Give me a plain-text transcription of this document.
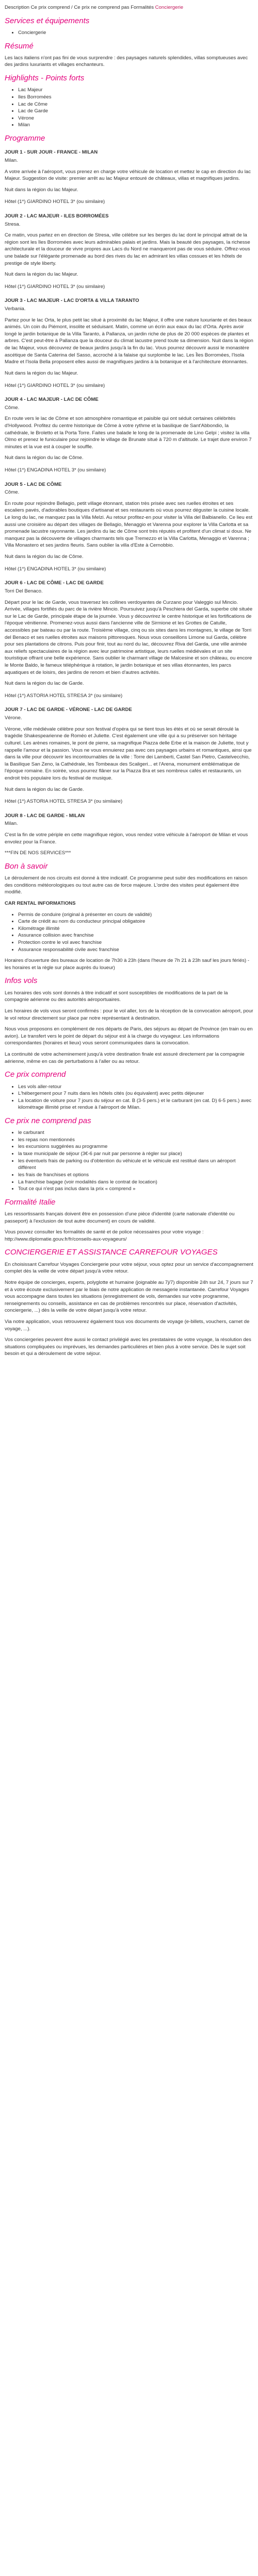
Description Ce prix comprend / Ce prix ne comprend pas Formalités Conciergerie
Services et équipements
• Conciergerie
Résumé

Les lacs italiens n'ont pas fini de vous surprendre : des paysages naturels splendides, villas somptueuses avec des jardins luxuriants et villages enchanteurs.

Highlights - Points forts
• Lac Majeur
• Iles Borromées
• Lac de Côme
• Lac de Garde
• Vérone
• Milan
Programme
JOUR 1 - SUR JOUR - FRANCE - MILAN
Milan.

A votre arrivée à l'aéroport, vous prenez en charge votre véhicule de location et mettez le cap en direction du lac Majeur. Suggestion de visite: premier arrêt au lac Majeur entouré de châteaux, villas et magnifiques jardins.

Nuit dans la région du lac Majeur.

Hôtel (1*) GIARDINO HOTEL 3* (ou similaire)
JOUR 2 - LAC MAJEUR - ILES BORROMÉES
Stresa.

Ce matin, vous partez en en direction de Stresa, ville célèbre sur les berges du lac dont le principal attrait de la région sont les îles Borromées avec leurs admirables palais et jardins. Mais la beauté des paysages, la richesse architecturale et la douceur de vivre propres aux Lacs du Nord ne manqueront pas de vous séduire. Offrez-vous une balade sur l'élégante promenade au bord des rives du lac en admirant les villas cossues et les hôtels de prestige de style liberty.

Nuit dans la région du lac Majeur.

Hôtel (1*) GIARDINO HOTEL 3* (ou similaire)
JOUR 3 - LAC MAJEUR - LAC D'ORTA & VILLA TARANTO
Verbania.

Partez pour le lac Orta, le plus petit lac situé à proximité du lac Majeur, il offre une nature luxuriante et des beaux animés. Un coin du Piémont, insolite et séduisant. Matin, comme un écrin aux eaux du lac d'Orta. Après avoir longé le jardin botanique de la Villa Taranto, à Pallanza, un jardin riche de plus de 20 000 espèces de plantes et arbres. C'est peut-être à Pallanza que la douceur du climat lacustre prend toute sa dimension. Nuit dans la région de lac Majeur, vous découvrez de beaux jardins jusqu'à la fin du lac. Vous pourrez découvrir aussi le monastère ascétique de Santa Caterina del Sasso, accroché à la falaise qui surplombe le lac. Les Îles Borromées, l'Isola Madre et l'Isola Bella proposent elles aussi de magnifiques jardins à la botanique et à l'architecture étonnantes.

Nuit dans la région du lac Majeur.

Hôtel (1*) GIARDINO HOTEL 3* (ou similaire)
JOUR 4 - LAC MAJEUR - LAC DE CÔME
Côme.

En route vers le lac de Côme et son atmosphère romantique et paisible qui ont séduit certaines célébrités d'Hollywood. Profitez du centre historique de Côme à votre rythme et la basilique de Sant'Abbondio, la cathédrale, le Broletto et la Porta Torre. Faites une balade le long de la promenade de Lino Gelpi ; visitez la villa Olmo et prenez le funiculaire pour rejoindre le village de Brunate situé à 720 m d'altitude. Le trajet dure environ 7 minutes et la vue est à couper le souffle.

Nuit dans la région du lac de Côme.

Hôtel (1*) ENGADINA HOTEL 3* (ou similaire)
JOUR 5 - LAC DE CÔME
Côme.

En route pour rejoindre Bellagio, petit village étonnant, station très prisée avec ses ruelles étroites et ses escaliers pavés, d'adorables boutiques d'artisanat et ses restaurants où vous pourrez déguster la cuisine locale. Le long du lac, ne manquez pas la Villa Melzi. Au retour profitez-en pour visiter la Villa del Balbianello. Ce lieu est aussi une croisière au départ des villages de Bellagio, Menaggio et Varenna pour explorer la Villa Carlotta et sa promenade lacustre rayonnante. Les jardins du lac de Côme sont très réputés et profitent d'un climat si doux. Ne manquez pas la découverte de villages charmants tels que Tremezzo et la Villa Carlotta, Menaggio et Varenna ; Villa Monastero et ses jardins fleuris. Sans oublier la villa d'Este à Cernobbio.

Nuit dans la région du lac de Côme.

Hôtel (1*) ENGADINA HOTEL 3* (ou similaire)
JOUR 6 - LAC DE CÔME - LAC DE GARDE
Torri Del Benaco.

Départ pour le lac de Garde, vous traversez les collines verdoyantes de Curzano pour Valeggio sul Mincio. Arrivée, villages fortifiés du parc de la rivière Mincio. Poursuivez jusqu'à Peschiera del Garda, superbe cité située sur le Lac de Garde, principale étape de la journée. Vous y découvrirez le centre historique et les fortifications de l'époque vénitienne. Promenez-vous aussi dans l'ancienne ville de Sirmione et les Grottes de Catulle, accessibles par bateau ou par la route. Troisième village, cinq ou six sites dans les montagnes, le village de Torri del Benaco et ses ruelles étroites aux maisons pittoresques. Nous vous conseillons Limone sul Garda, célèbre pour ses plantations de citrons. Puis pour finir, tout au nord du lac, découvrez Riva del Garda, une ville animée aux reliefs spectaculaires de la région avec leur patrimoine artistique, leurs ruelles médiévales et un site touristique offrant une belle expérience. Sans oublier le charmant village de Malcesine et son château, ou encore le Monte Baldo, le fameux téléphérique à rotation, le jardin botanique et ses villas étonnantes, les parcs aquatiques et de loisirs, des jardins de renom et bien d'autres activités.

Nuit dans la région du lac de Garde.

Hôtel (1*) ASTORIA HOTEL STRESA 3* (ou similaire)
JOUR 7 - LAC DE GARDE - VÉRONE - LAC DE GARDE
Vérone.

Vérone, ville médiévale célèbre pour son festival d'opéra qui se tient tous les étés et où se serait déroulé la tragédie Shakespearienne de Roméo et Juliette. C'est également une ville qui a su préserver son héritage culturel. Les arènes romaines, le pont de pierre, sa magnifique Piazza delle Erbe et la maison de Juliette, tout y rappelle l'amour et la passion. Vous ne vous ennuierez pas avec ces paysages urbains et romantiques, ainsi que dans la ville pour découvrir les incontournables de la ville : Torre dei Lamberti, Castel San Pietro, Castelvecchio, la Basilique San Zeno, la Cathédrale, les Tombeaux des Scaligeri... et l'Arena, monument emblématique de l'époque romaine. En soirée, vous pourrez flâner sur la Piazza Bra et ses nombreux cafés et restaurants, un endroit très populaire lors du festival de musique.

Nuit dans la région du lac de Garde.

Hôtel (1*) ASTORIA HOTEL STRESA 3* (ou similaire)
JOUR 8 - LAC DE GARDE - MILAN
Milan.

C'est la fin de votre périple en cette magnifique région, vous rendez votre véhicule à l'aéroport de Milan et vous envolez pour la France.

***FIN DE NOS SERVICES***

Bon à savoir

Le déroulement de nos circuits est donné à titre indicatif. Ce programme peut subir des modifications en raison des conditions météorologiques ou tout autre cas de force majeure. L'ordre des visites peut également être modifié.

CAR RENTAL INFORMATIONS
• Permis de conduire (original à présenter en cours de validité)
• Carte de crédit au nom du conducteur principal obligatoire
• Kilométrage illimité
• Assurance collision avec franchise
• Protection contre le vol avec franchise
• Assurance responsabilité civile avec franchise

Horaires d'ouverture des bureaux de location de 7h30 à 23h (dans l'heure de 7h 21 à 23h sauf les jours fériés) - les horaires et la règle sur place auprès du loueur)

Infos vols

Les horaires des vols sont donnés à titre indicatif et sont susceptibles de modifications de la part de la compagnie aérienne ou des autorités aéroportuaires.

Les horaires de vols vous seront confirmés : pour le vol aller, lors de la réception de la convocation aéroport, pour le vol retour directement sur place par notre représentant à destination.

Nous vous proposons en complément de nos départs de Paris, des séjours au départ de Province (en train ou en avion). Le transfert vers le point de départ du séjour est à la charge du voyageur. Les informations correspondantes (horaires et lieux) vous seront communiquées dans la convocation.

La continuité de votre acheminement jusqu'à votre destination finale est assuré directement par la compagnie aérienne, même en cas de perturbations à l'aller ou au retour.

Ce prix comprend
• Les vols aller-retour
• L'hébergement pour 7 nuits dans les hôtels cités (ou équivalent) avec petits déjeuner
• La location de voiture pour 7 jours du séjour en cat. B (3-5 pers.) et le carburant (en cat. D) 6-5 pers.) avec kilométrage illimité prise et rendue à l'aéroport de Milan.
Ce prix ne comprend pas
• le carburant
• les repas non mentionnés
• les excursions suggérées au programme
• la taxe municipale de séjour (3€-6 par nuit par personne à régler sur place)
• les éventuels frais de parking ou d'obtention du véhicule et le véhicule est restitué dans un aéroport différent
• les frais de franchises et options
• La franchise bagage (voir modalités dans le contrat de location)
• Tout ce qui n'est pas inclus dans la prix « comprend »
Formalité Italie

Les ressortissants français doivent être en possession d'une pièce d'identité (carte nationale d'identité ou passeport) à l'exclusion de tout autre document) en cours de validité.

Vous pouvez consulter les formalités de santé et de police nécessaires pour votre voyage : http://www.diplomatie.gouv.fr/fr/conseils-aux-voyageurs/

CONCIERGERIE ET ASSISTANCE CARREFOUR VOYAGES

En choisissant Carrefour Voyages Conciergerie pour votre séjour, vous optez pour un service d'accompagnement complet dès la veille de votre départ jusqu'à votre retour.

Notre équipe de concierges, experts, polyglotte et humaine (joignable au 7j/7) disponible 24h sur 24, 7 jours sur 7 et à votre écoute exclusivement par le biais de notre application de messagerie instantanée. Carrefour Voyages vous accompagne dans toutes les situations (enregistrement de vols, demandes sur votre programme, renseignements ou conseils, assistance en cas de problèmes rencontrés sur place, réservation d'activités, conciergerie, ...) dès la veille de votre départ jusqu'à votre retour.

Via notre application, vous retrouverez également tous vos documents de voyage (e-billets, vouchers, carnet de voyage, ...).

Vos conciergeries peuvent être aussi le contact privilégié avec les prestataires de votre voyage, la résolution des situations compliquées ou imprévues, les demandes particulières et bien plus à votre service. Dès le sujet soit besoin et qui a déroulement de votre séjour.
